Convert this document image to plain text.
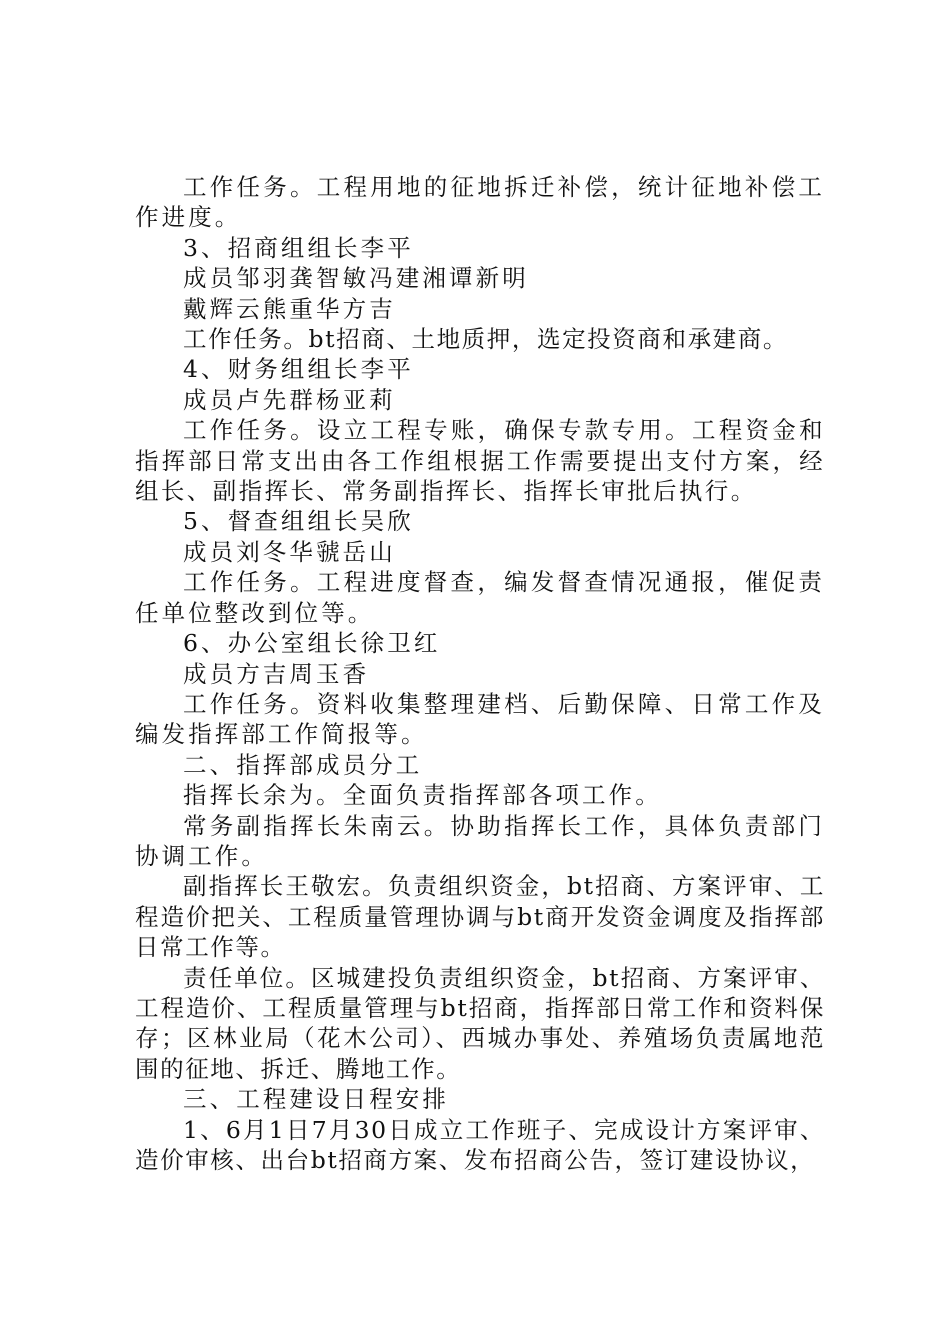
工作任务。工程用地的征地拆迁补偿，统计征地补偿工作进度。

3、招商组组长李平

成员邹羽龚智敏冯建湘谭新明

戴辉云熊重华方吉

工作任务。bt招商、土地质押，选定投资商和承建商。

4、财务组组长李平

成员卢先群杨亚莉

工作任务。设立工程专账，确保专款专用。工程资金和指挥部日常支出由各工作组根据工作需要提出支付方案，经组长、副指挥长、常务副指挥长、指挥长审批后执行。

5、督查组组长吴欣

成员刘冬华虢岳山

工作任务。工程进度督查，编发督查情况通报，催促责任单位整改到位等。

6、办公室组长徐卫红

成员方吉周玉香

工作任务。资料收集整理建档、后勤保障、日常工作及编发指挥部工作简报等。

二、指挥部成员分工

指挥长余为。全面负责指挥部各项工作。

常务副指挥长朱南云。协助指挥长工作，具体负责部门协调工作。

副指挥长王敬宏。负责组织资金，bt招商、方案评审、工程造价把关、工程质量管理协调与bt商开发资金调度及指挥部日常工作等。

责任单位。区城建投负责组织资金，bt招商、方案评审、工程造价、工程质量管理与bt招商，指挥部日常工作和资料保存；区林业局（花木公司）、西城办事处、养殖场负责属地范围的征地、拆迁、腾地工作。

三、工程建设日程安排

1、6月1日7月30日成立工作班子、完成设计方案评审、造价审核、出台bt招商方案、发布招商公告，签订建设协议，
